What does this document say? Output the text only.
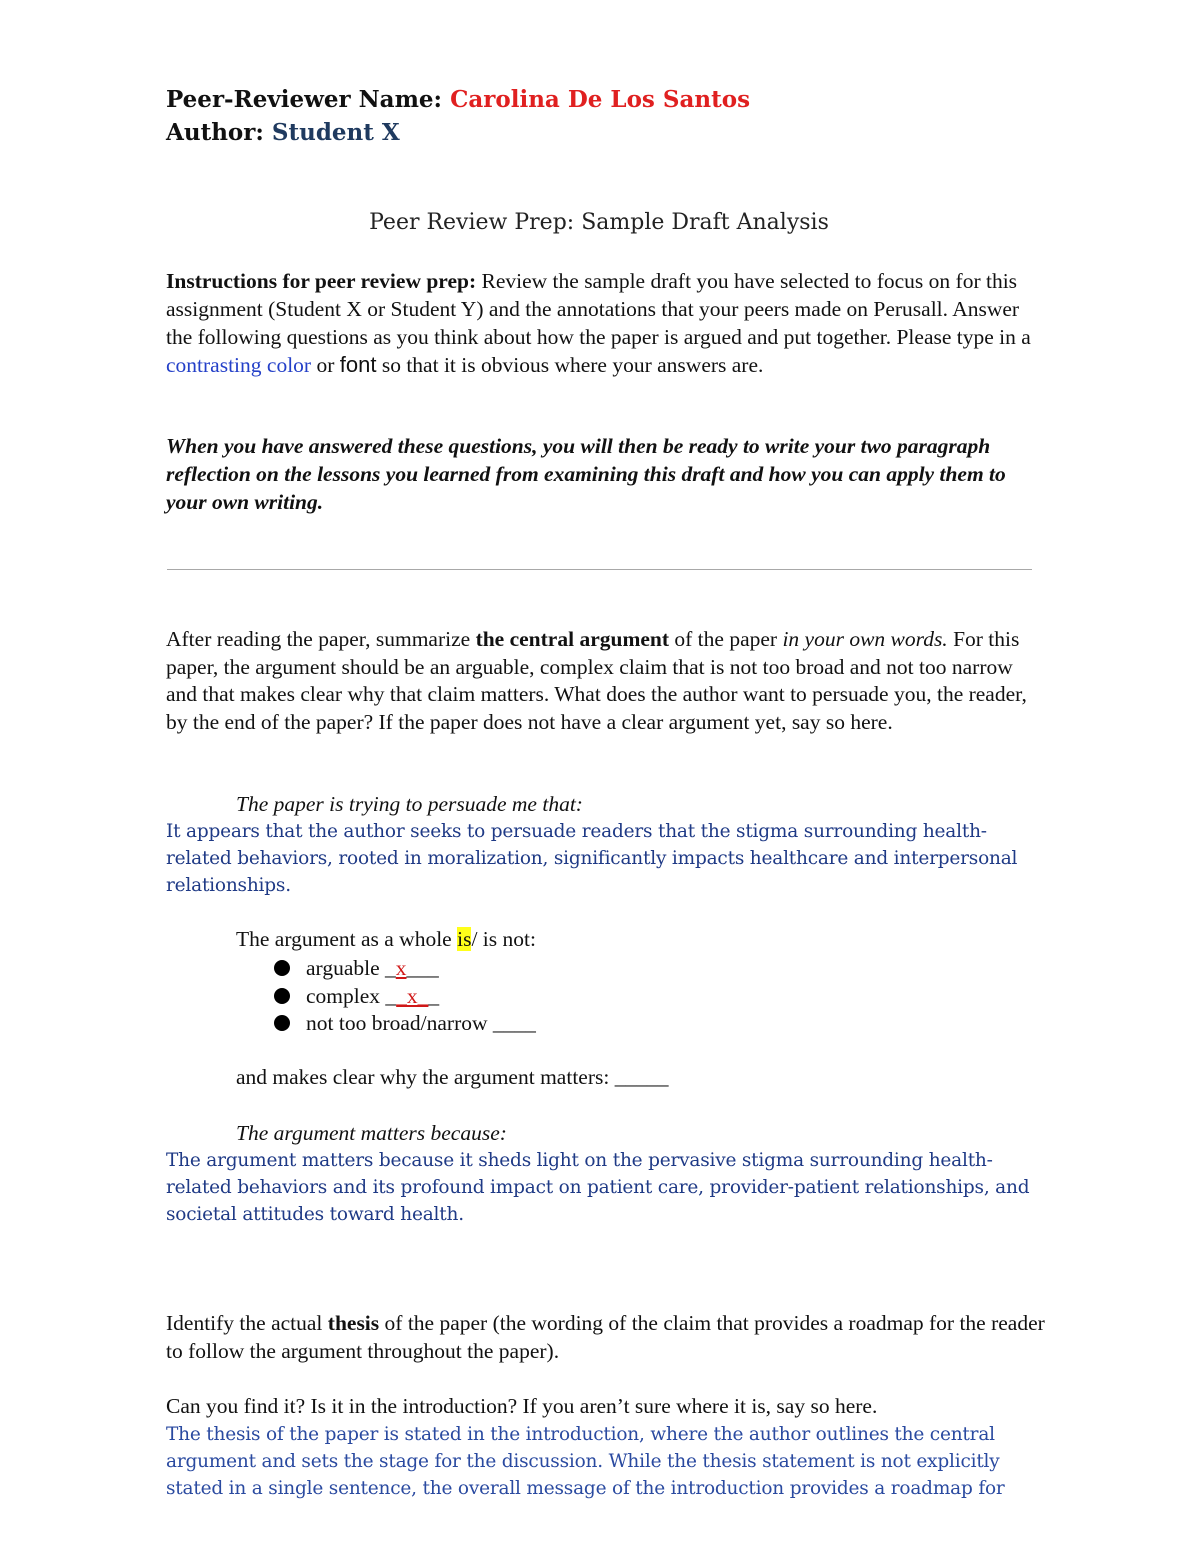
Peer-Reviewer Name: Carolina De Los Santos

Author: Student X

Peer Review Prep: Sample Draft Analysis

Instructions for peer review prep: Review the sample draft you have selected to focus on for this assignment (Student X or Student Y) and the annotations that your peers made on Perusall. Answer the following questions as you think about how the paper is argued and put together. Please type in a contrasting color or font so that it is obvious where your answers are.

When you have answered these questions, you will then be ready to write your two paragraph reflection on the lessons you learned from examining this draft and how you can apply them to your own writing.

After reading the paper, summarize the central argument of the paper in your own words. For this paper, the argument should be an arguable, complex claim that is not too broad and not too narrow and that makes clear why that claim matters. What does the author want to persuade you, the reader, by the end of the paper? If the paper does not have a clear argument yet, say so here.

The paper is trying to persuade me that:

It appears that the author seeks to persuade readers that the stigma surrounding health-related behaviors, rooted in moralization, significantly impacts healthcare and interpersonal relationships.

The argument as a whole is/ is not:

arguable _x___
complex __x__
not too broad/narrow ____

and makes clear why the argument matters: _____

The argument matters because:

The argument matters because it sheds light on the pervasive stigma surrounding health-related behaviors and its profound impact on patient care, provider-patient relationships, and societal attitudes toward health.

Identify the actual thesis of the paper (the wording of the claim that provides a roadmap for the reader to follow the argument throughout the paper).

Can you find it? Is it in the introduction? If you aren’t sure where it is, say so here.

The thesis of the paper is stated in the introduction, where the author outlines the central argument and sets the stage for the discussion. While the thesis statement is not explicitly stated in a single sentence, the overall message of the introduction provides a roadmap for
